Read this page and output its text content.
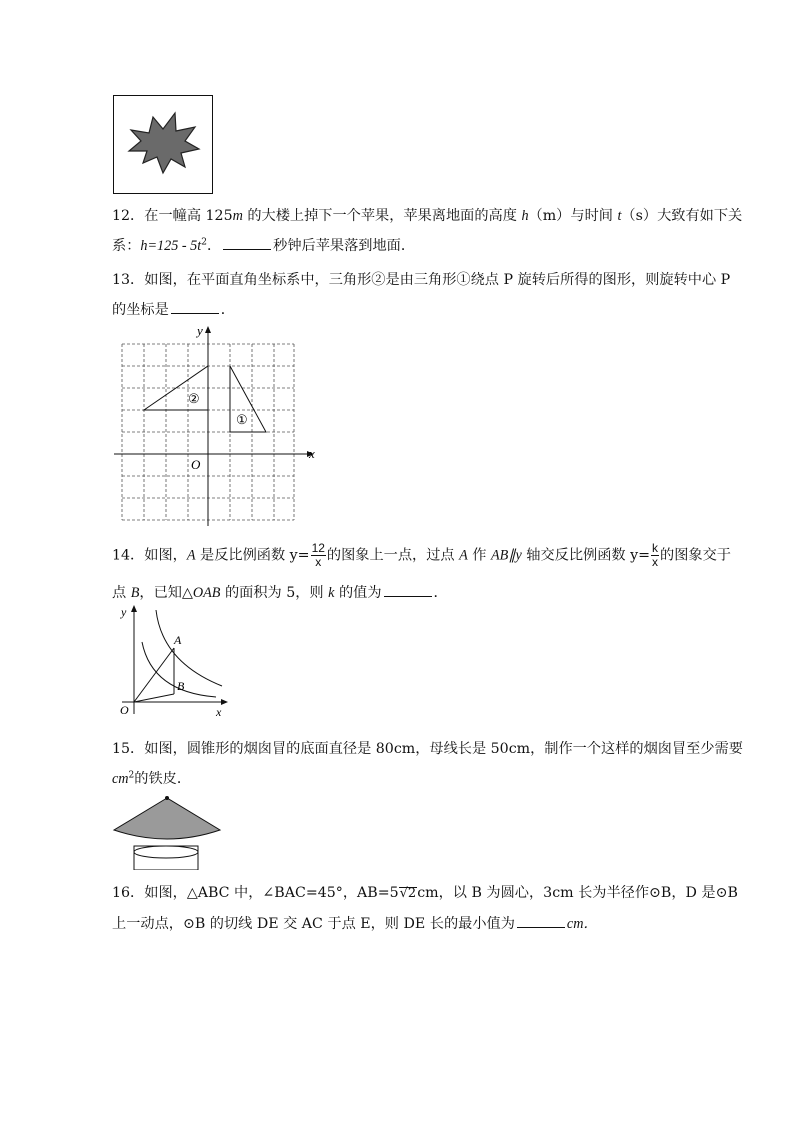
12．在一幢高 125m 的大楼上掉下一个苹果，苹果离地面的高度 h（m）与时间 t（s）大致有如下关
系：$h=125 - 5t^2$．	秒钟后苹果落到地面．
13．如图，在平面直角坐标系中，三角形②是由三角形①绕点 P 旋转后所得的图形，则旋转中心 P
的坐标是	．
y
x
O
②
①
14．如图，A 是反比例函数 $y= \frac{12}{x}$ 的图象上一点，过点 A 作 AB∥y 轴交反比例函数 $y= \frac{k}{x}$ 的图象交于
点 B，已知△OAB 的面积为 5，则 k 的值为	．
y
x
O
A
B
15．如图，圆锥形的烟囱冒的底面直径是 80cm，母线长是 50cm，制作一个这样的烟囱冒至少需要
$cm^2$的铁皮．
16．如图，△ABC 中，∠BAC=45°，AB=5√2cm，以 B 为圆心，3cm 长为半径作⊙B，D 是⊙B
上一动点，⊙B 的切线 DE 交 AC 于点 E，则 DE 长的最小值为	cm．
